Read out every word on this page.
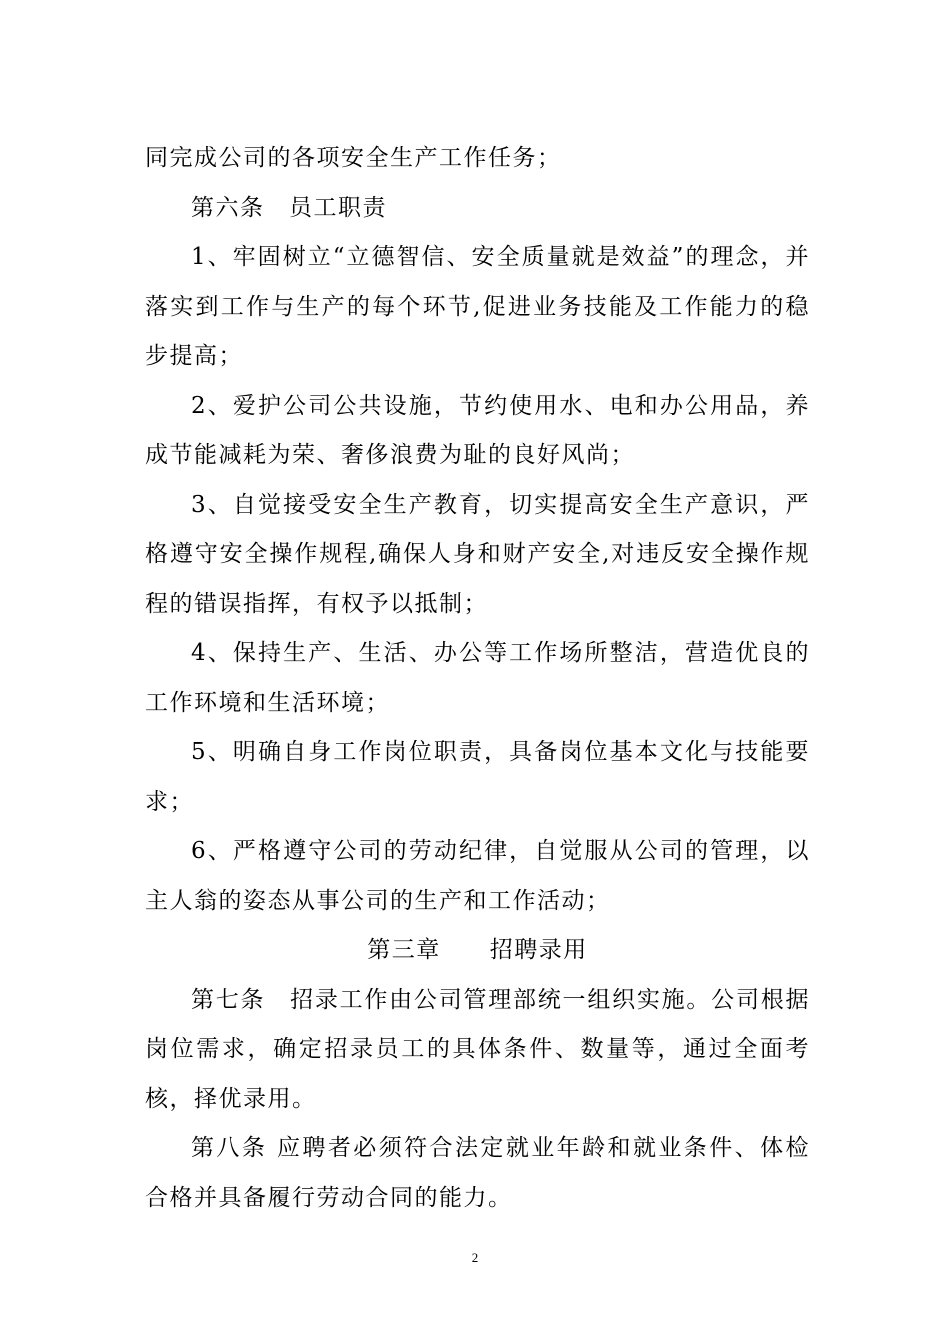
同完成公司的各项安全生产工作任务；

第六条　员工职责

1、牢固树立“立德智信、安全质量就是效益”的理念，并落实到工作与生产的每个环节,促进业务技能及工作能力的稳步提高；

2、爱护公司公共设施，节约使用水、电和办公用品，养成节能减耗为荣、奢侈浪费为耻的良好风尚；

3、自觉接受安全生产教育，切实提高安全生产意识，严格遵守安全操作规程,确保人身和财产安全,对违反安全操作规程的错误指挥，有权予以抵制；

4、保持生产、生活、办公等工作场所整洁，营造优良的工作环境和生活环境；

5、明确自身工作岗位职责，具备岗位基本文化与技能要求；

6、严格遵守公司的劳动纪律，自觉服从公司的管理，以主人翁的姿态从事公司的生产和工作活动；

第三章　　招聘录用

第七条　招录工作由公司管理部统一组织实施。公司根据岗位需求，确定招录员工的具体条件、数量等，通过全面考核，择优录用。

第八条 应聘者必须符合法定就业年龄和就业条件、体检合格并具备履行劳动合同的能力。

2
